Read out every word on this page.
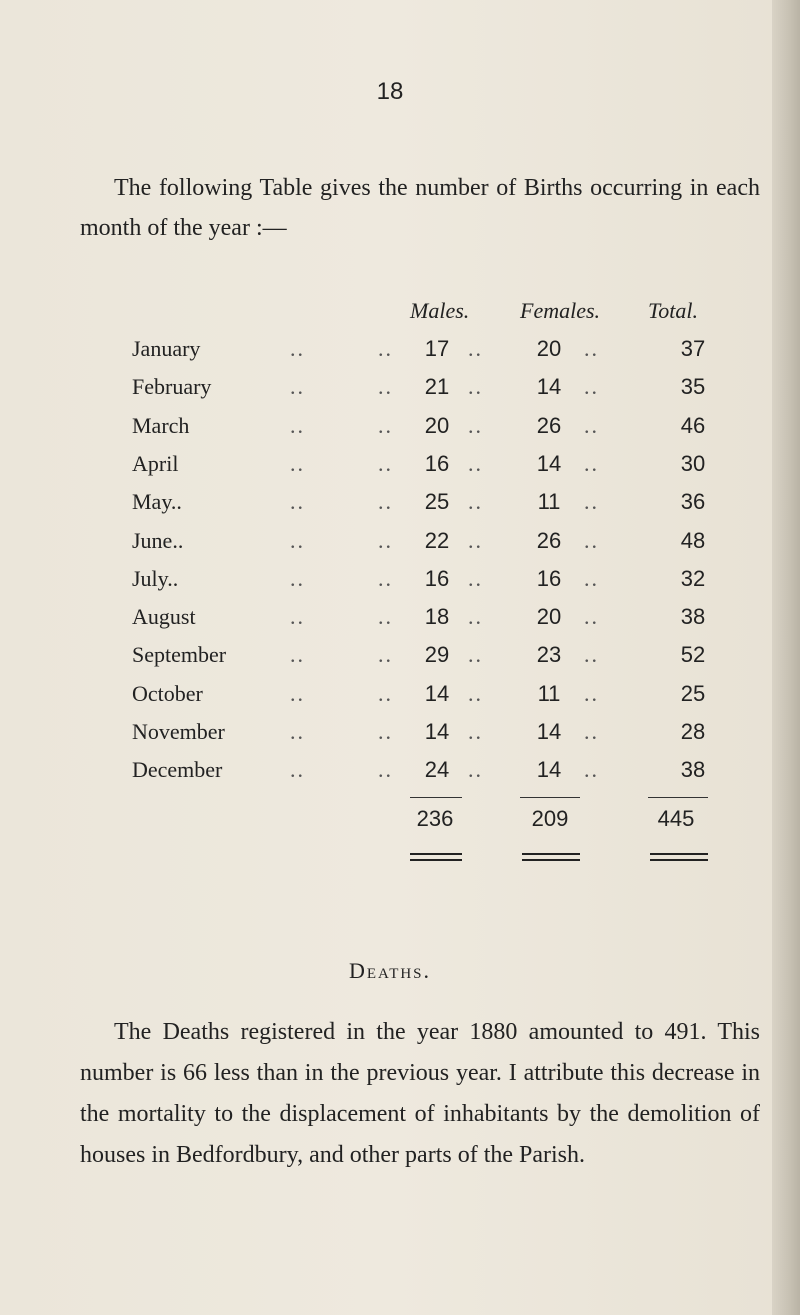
18
The following Table gives the number of Births occurring in each month of the year :—
Males. Females. Total.
January	..	..	17 ..	20	..	37
February	..	..	21 ..	14	..	35
March	..	..	20 ..	26	..	46
April	..	..	16 ..	14	..	30
May..	..	..	25 ..	11	..	36
June..	..	..	22 ..	26	..	48
July..	..	..	16 ..	16	..	32
August	..	..	18 ..	20	..	38
September	..	..	29 ..	23	..	52
October	..	..	14 ..	11	..	25
November	..	..	14 ..	14	..	28
December	..	..	24 ..	14	..	38
236	209	445
Deaths.
The Deaths registered in the year 1880 amounted to 491. This number is 66 less than in the previous year. I attribute this decrease in the mortality to the displacement of inhabitants by the demolition of houses in Bedfordbury, and other parts of the Parish.
